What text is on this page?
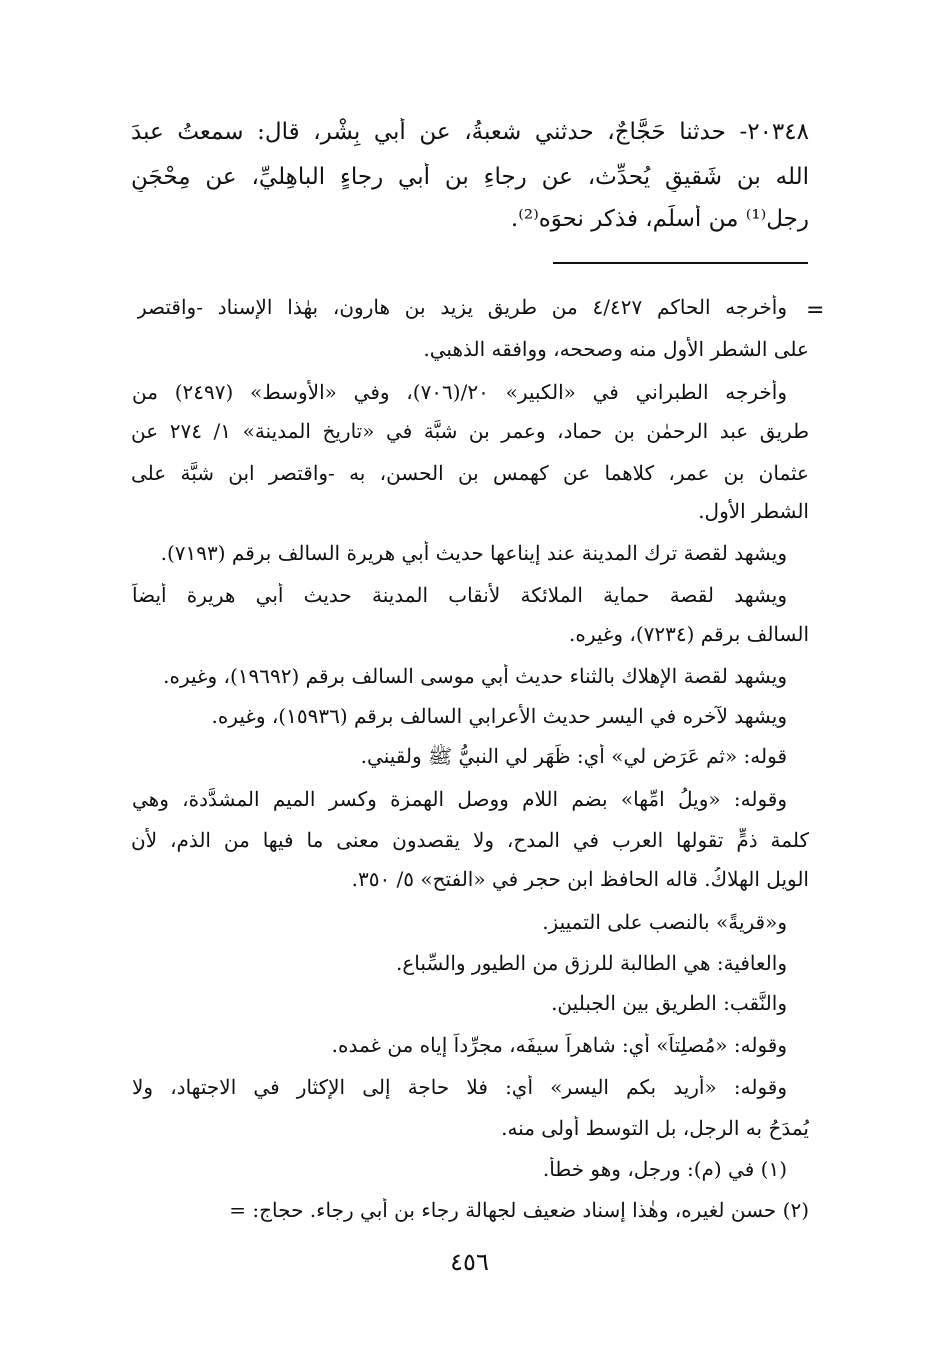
٢٠٣٤٨- حدثنا حَجَّاجٌ، حدثني شعبةُ، عن أبي بِشْر، قال: سمعتُ عبدَ
الله بن شَقيقٍ يُحدِّث، عن رجاءِ بن أبي رجاءٍ الباهِليِّ، عن مِحْجَنٍ
رجل⁽¹⁾ من أسلَم، فذكر نحوَه⁽²⁾.
=
وأخرجه الحاكم ٤/٤٢٧ من طريق يزيد بن هارون، بهٰذا الإسناد -واقتصر
على الشطر الأول منه وصححه، ووافقه الذهبي.
وأخرجه الطبراني في «الكبير» ٢٠/(٧٠٦)، وفي «الأوسط» (٢٤٩٧) من
طريق عبد الرحمٰن بن حماد، وعمر بن شبَّة في «تاريخ المدينة» ١/ ٢٧٤ عن
عثمان بن عمر، كلاهما عن كهمس بن الحسن، به -واقتصر ابن شبَّة على
الشطر الأول.
ويشهد لقصة ترك المدينة عند إيناعها حديث أبي هريرة السالف برقم (٧١٩٣).
ويشهد لقصة حماية الملائكة لأنقاب المدينة حديث أبي هريرة أيضاً
السالف برقم (٧٢٣٤)، وغيره.
ويشهد لقصة الإهلاك بالثناء حديث أبي موسى السالف برقم (١٩٦٩٢)، وغيره.
ويشهد لآخره في اليسر حديث الأعرابي السالف برقم (١٥٩٣٦)، وغيره.
قوله: «ثم عَرَض لي» أي: ظَهَر لي النبيُّ ﷺ ولقيني.
وقوله: «ويلُ امِّها» بضم اللام ووصل الهمزة وكسر الميم المشدَّدة، وهي
كلمة ذمٍّ تقولها العرب في المدح، ولا يقصدون معنى ما فيها من الذم، لأن
الويل الهلاكُ. قاله الحافظ ابن حجر في «الفتح» ٥/ ٣٥٠.
و«قريةً» بالنصب على التمييز.
والعافية: هي الطالبة للرزق من الطيور والسِّباع.
والنَّقب: الطريق بين الجبلين.
وقوله: «مُصلِتاً» أي: شاهراً سيفَه، مجرِّداً إياه من غمده.
وقوله: «أريد بكم اليسر» أي: فلا حاجة إلى الإكثار في الاجتهاد، ولا
يُمدَحُ به الرجل، بل التوسط أولى منه.
(١) في (م): ورجل، وهو خطأ.
(٢) حسن لغيره، وهٰذا إسناد ضعيف لجهالة رجاء بن أبي رجاء. حجاج: =
٤٥٦
